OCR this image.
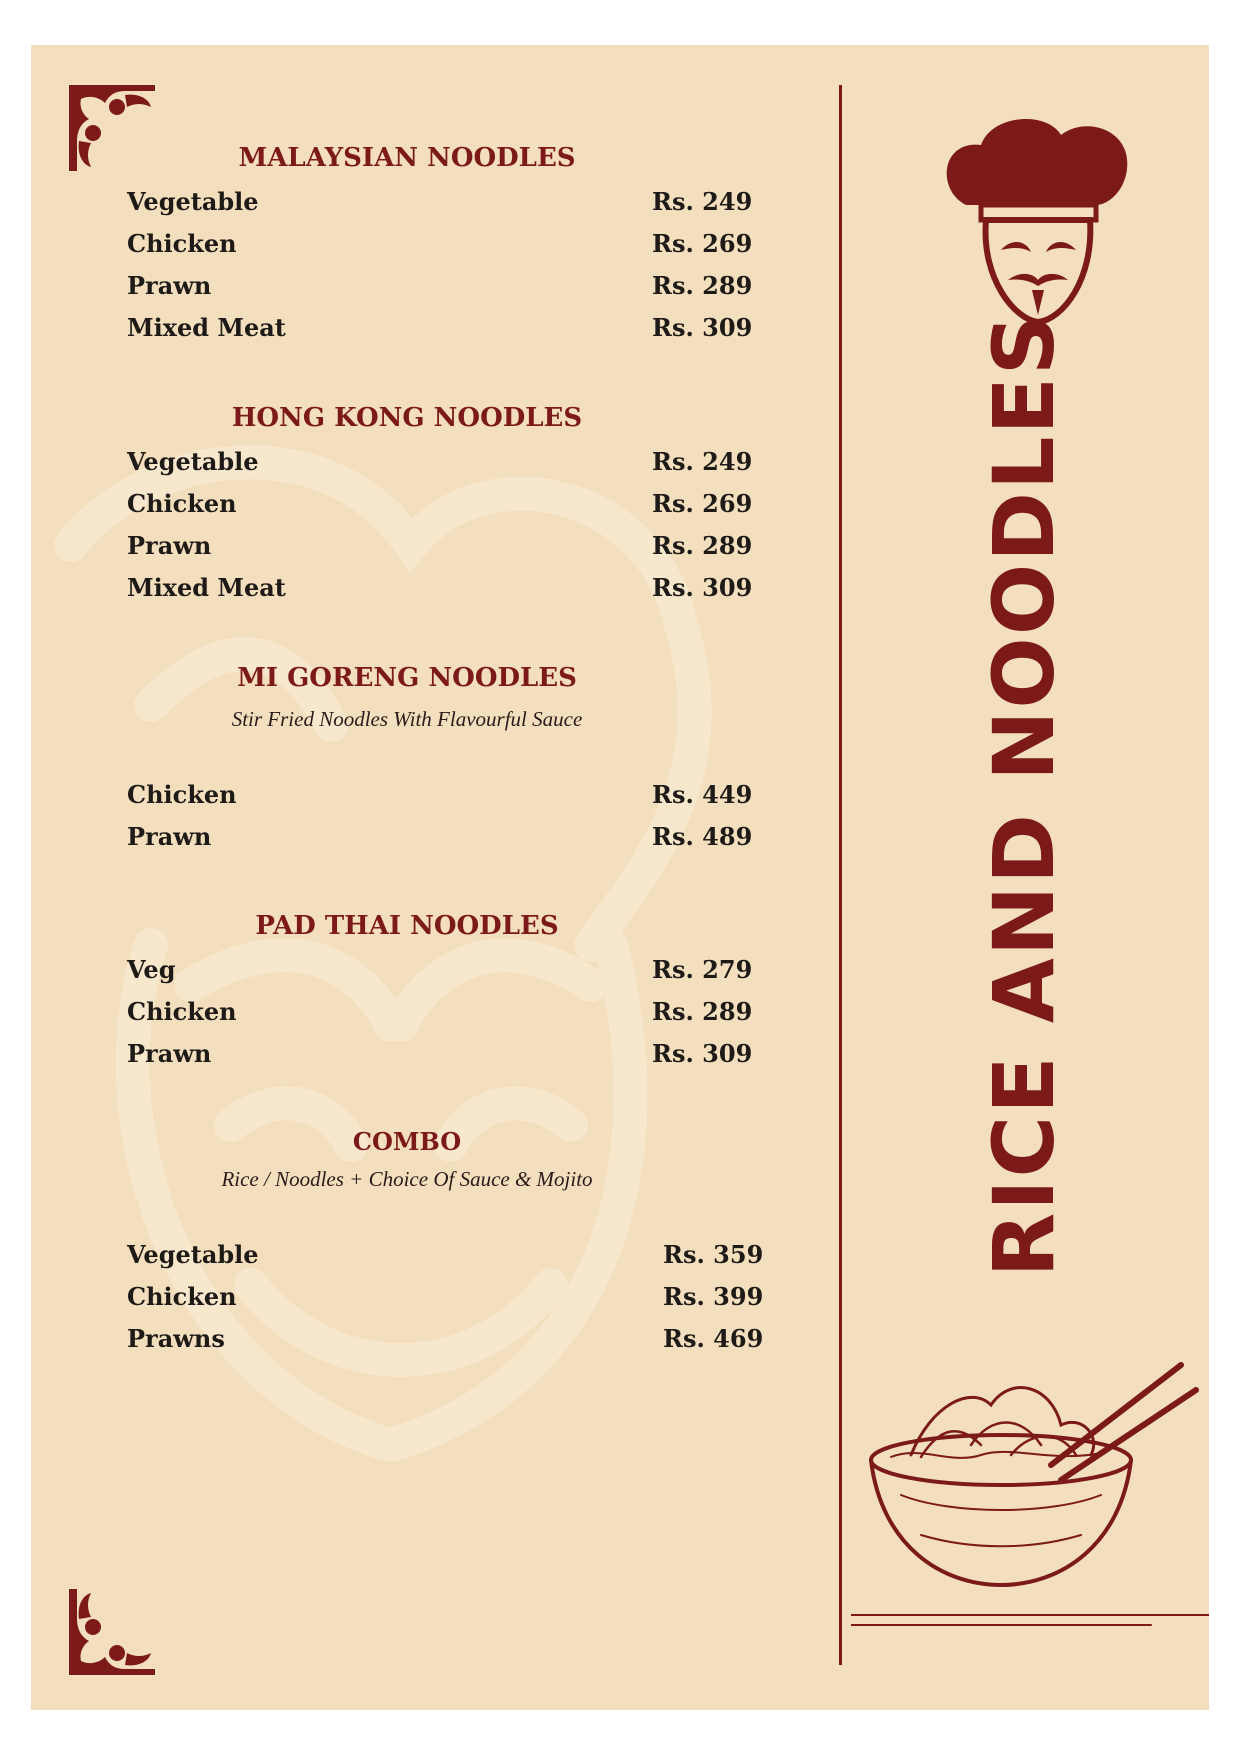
RICE AND NOODLES
MALAYSIAN NOODLES
Vegetable	Rs. 249
Chicken	Rs. 269
Prawn	Rs. 289
Mixed Meat	Rs. 309
HONG KONG NOODLES
Vegetable	Rs. 249
Chicken	Rs. 269
Prawn	Rs. 289
Mixed Meat	Rs. 309
MI GORENG NOODLES
Stir Fried Noodles With Flavourful Sauce
Chicken	Rs. 449
Prawn	Rs. 489
PAD THAI NOODLES
Veg	Rs. 279
Chicken	Rs. 289
Prawn	Rs. 309
COMBO
Rice / Noodles + Choice Of Sauce & Mojito
Vegetable	Rs. 359
Chicken	Rs. 399
Prawns	Rs. 469
